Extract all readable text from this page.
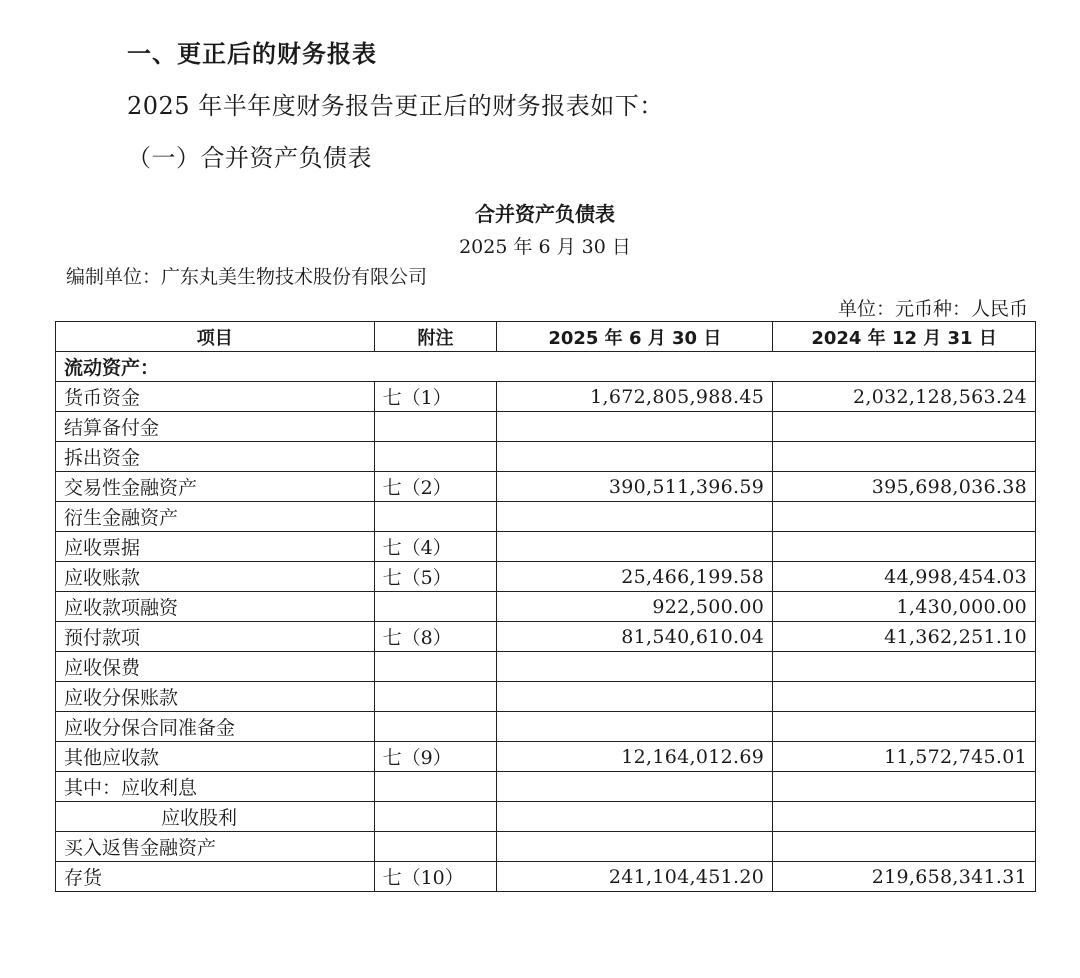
一、更正后的财务报表
2025 年半年度财务报告更正后的财务报表如下：
（一）合并资产负债表
合并资产负债表
2025 年 6 月 30 日
编制单位：广东丸美生物技术股份有限公司
单位：元币种：人民币
项目	附注	2025 年 6 月 30 日	2024 年 12 月 31 日
流动资产：			
货币资金	七（1）	1,672,805,988.45	2,032,128,563.24
结算备付金			
拆出资金			
交易性金融资产	七（2）	390,511,396.59	395,698,036.38
衍生金融资产			
应收票据	七（4）		
应收账款	七（5）	25,466,199.58	44,998,454.03
应收款项融资		922,500.00	1,430,000.00
预付款项	七（8）	81,540,610.04	41,362,251.10
应收保费			
应收分保账款			
应收分保合同准备金			
其他应收款	七（9）	12,164,012.69	11,572,745.01
其中：应收利息			
应收股利			
买入返售金融资产			
存货	七（10）	241,104,451.20	219,658,341.31
